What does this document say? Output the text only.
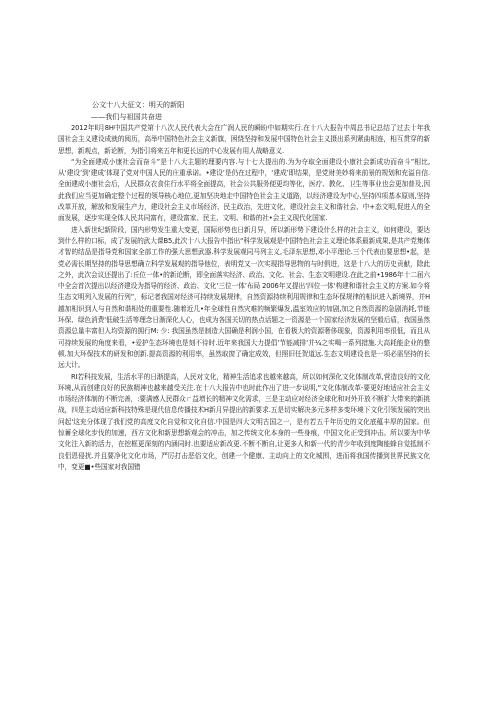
公文十八大征文：明天的新阳
——我们与祖国共奋进

2012年ll月8H中国共产党第十八次人民代表大会在广润人民的瞬盼中如期实行.在十八大报告中周总书记总结了过去十年我国社会主义建设成就的阅历，高举中国特色社会主义新旗，困绕坚持和发展中国特色社会主义摄出系列紧曲相连，相互贯穿的新思想，新观点，新论断，为指引将来五年和更长远的中心发展有用人战略意义.

“为全面建成小康社会而奋斗”是十八大主题的理要内容.与十七大提出的.为为夺取全面建设小康社会新成功而奋斗”相比,从‘建设’到‘建成’体现了党对中国人民的庄重承诺。•建设’是仍在过程中，‘建成’即结果，是党财美妙将来前景的规划和充溢自信.全面建成小康社会后，人民群众衣食住行水平将全面提高，社会公共服务便更均等化，医疗、教化、卫生等事业也会更加普及,因此我们应当更加确定整个过程的领导核心地位,更加坚决地走中国特色社会主义道路，以经济建设为中心,坚持四项基本原则,坚持改革开放，解放和发展生产力，建设社会主义市场经济、民主政治，先进文化，建设社会主义和谐社会、中+态文明,促进人的全面发展，逐步实现全体人民共同富有，建设富家、民主、文明、和谐的社•会主义现代化国家.

进入新世纪新阶段，国内形势发生重大变更，国际形势也日新月异，所以新形势下建设什么样的社会主义，如何建设，要达到什么样的口标，成了发展的武大课B5,此次十八大报告中指出“科学发展观是中国特色社会主义理论体系最新成果,是共产党集体才智的结品是指导党和国家全部工作的强大思想武器.科学发展观同马列主义,毛泽东思想,邓小平理论.三个代表由要思想•起，是党必需长期坚持的指导思想确立科学发展观的指导他位，表明党又一次实现指导思物的与时俱进，这是十八大的历史贡献，除此之外，此次会议还提出了:丘位一体•的新论断，即全面落实经济、政治、文化、社会、生态文明建设.在此之前•1986年十二届六中全会首次提出以经济建设为指导的经济、政治、文化‘三位一体’布局 2006年又提出‘四位一体‘构建和谐社会主义的方案.如今将生态文明列入发展的行列”，标记者我国对经济可持续发展规律，自然资源持续利用规律和生态环保规律的相识进入新境界，并H越加相识到人与自然和谐相处的重要性.随着近几•年全球性自然灾难的频繁爆发,温室效应的加剧,加之自然资源的急剧消耗,节能环保、绿色消费'低破生活等理念日渐深化人心，也成为各国关切的热点话题之一资源是一个国家经济发展的坚毅后盾，我国虽然资源总量丰富但人均资源的拥行M: 少: 我国虽然是制造大国确是利润小国，在看极大的资源奢侈现象，资源利用率很低，而且从可持续发展的角度来看，•爱护生态环境也是刻不待时.近年来我国大力提倡‘节能减排‘并¼之实喝一系列措施.大高耗能企业的整顿.加大环保技术的研发和创新.提高资源的利用率，虽然取窗了确定成效，但照旧任贺道远.生态文明建设也是一项必需坚持的长远大计。

RI若科技发展，生活水平的日渐提高，人民对文化，精神生活追求也越来越高，所以如何深化文化体制改革,营造良好的文化环境,从而创建良好的民族精神也越来越受关注.在十八大报告中也时此作出了进一步说明,“文化体制改革-要更好地适应社会主义市场经济体制的不断完善，:要满感人民群众ㄏ益增长的精神文化需求，三是主动应对经济全球化和对外开放不断扩大带来的新挑战，四是主动适应新科技特殊是现代信息传播技术H新月异提出的新要求.五是切实解决多元多样多变环境下文化引领发展的突出问起'这充分体现了我们党的高度文化自觉和文化自信.中国是四大文明古国之一，是有若五千年历史的文化底蕴丰厚的国家。但惊蓄全球化步伐的加速，西方文化和新思想新观会的冲击，加之传统文化本身的一些身痕，中国文化正受到冲击。所以要为中华文化注入新的活力，在挖框更深刻的内涵同时.也要适应新改更.不断不断自,让更多人和新一代的青少年收到度陶能蜂自觉抵制不良侣恩侵扰.并且要净化文化市场，严厉打击恶俗文化，创建一个健康、主动向上的文化城围，进而将我国传播到世界民族文化中，变更■•些国家对我国错
